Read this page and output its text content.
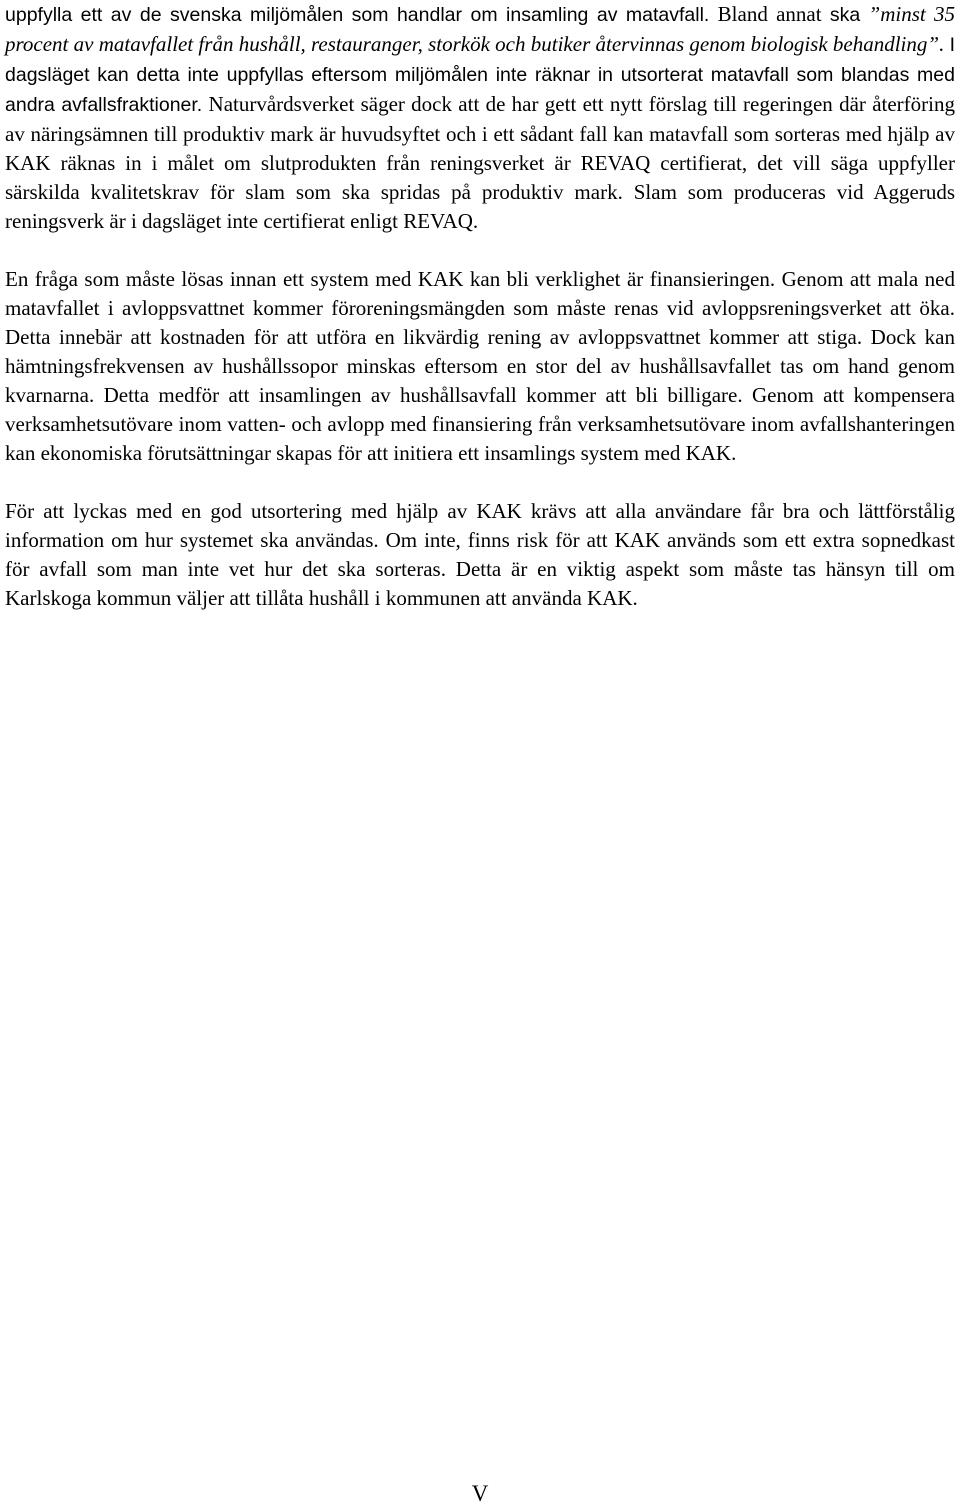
uppfylla ett av de svenska miljömålen som handlar om insamling av matavfall. Bland annat ska ”minst 35 procent av matavfallet från hushåll, restauranger, storkök och butiker återvinnas genom biologisk behandling”. I dagsläget kan detta inte uppfyllas eftersom miljömålen inte räknar in utsorterat matavfall som blandas med andra avfallsfraktioner. Naturvårdsverket säger dock att de har gett ett nytt förslag till regeringen där återföring av näringsämnen till produktiv mark är huvudsyftet och i ett sådant fall kan matavfall som sorteras med hjälp av KAK räknas in i målet om slutprodukten från reningsverket är REVAQ certifierat, det vill säga uppfyller särskilda kvalitetskrav för slam som ska spridas på produktiv mark. Slam som produceras vid Aggeruds reningsverk är i dagsläget inte certifierat enligt REVAQ.

En fråga som måste lösas innan ett system med KAK kan bli verklighet är finansieringen. Genom att mala ned matavfallet i avloppsvattnet kommer föroreningsmängden som måste renas vid avloppsreningsverket att öka. Detta innebär att kostnaden för att utföra en likvärdig rening av avloppsvattnet kommer att stiga. Dock kan hämtningsfrekvensen av hushållssopor minskas eftersom en stor del av hushållsavfallet tas om hand genom kvarnarna. Detta medför att insamlingen av hushållsavfall kommer att bli billigare. Genom att kompensera verksamhetsutövare inom vatten- och avlopp med finansiering från verksamhetsutövare inom avfallshanteringen kan ekonomiska förutsättningar skapas för att initiera ett insamlings system med KAK.

För att lyckas med en god utsortering med hjälp av KAK krävs att alla användare får bra och lättförstålig information om hur systemet ska användas. Om inte, finns risk för att KAK används som ett extra sopnedkast för avfall som man inte vet hur det ska sorteras. Detta är en viktig aspekt som måste tas hänsyn till om Karlskoga kommun väljer att tillåta hushåll i kommunen att använda KAK.

V
